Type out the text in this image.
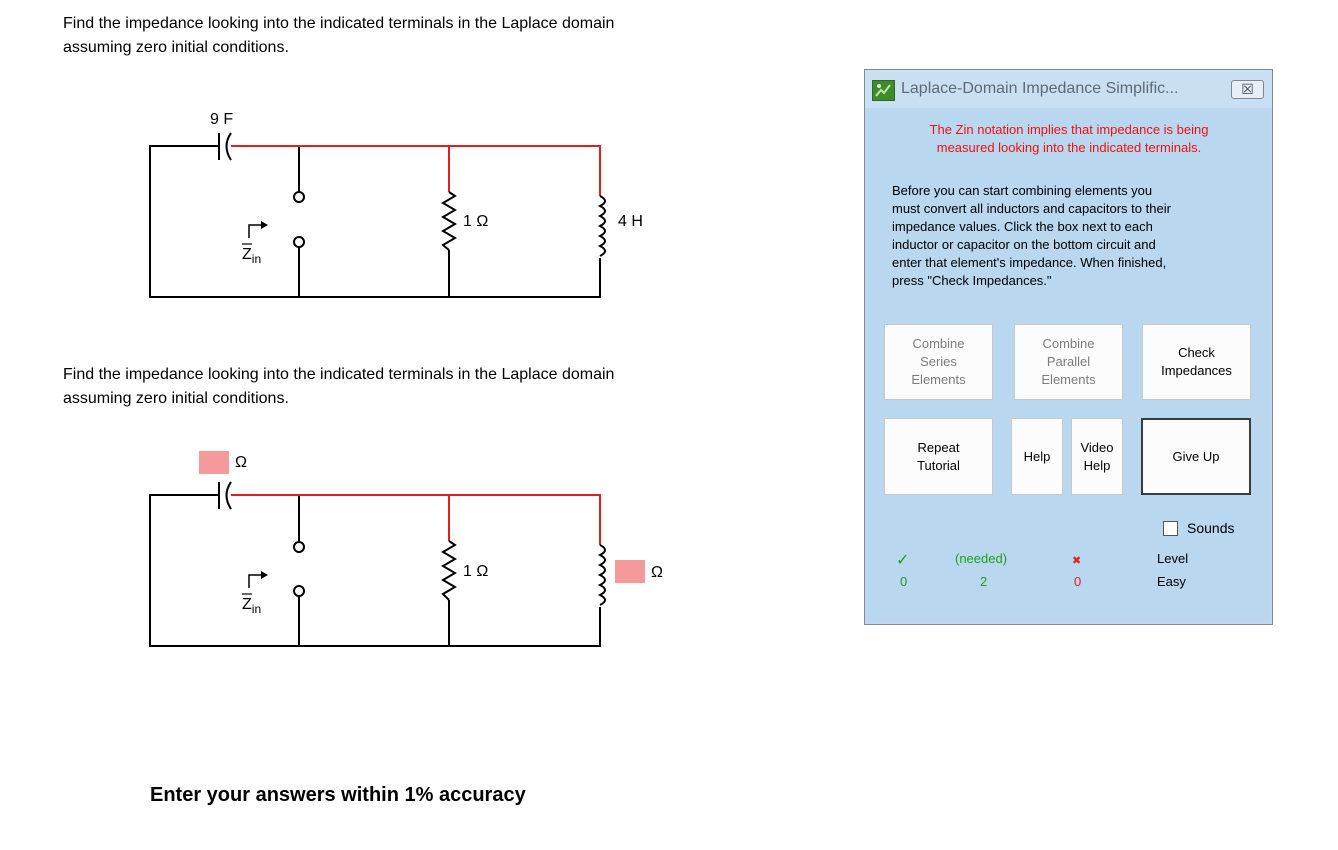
Find the impedance looking into the indicated terminals in the Laplace domain
assuming zero initial conditions.
9 F
$Z_{in}$
1 Ω	4 H
$Z_{in}$
1 Ω
Find the impedance looking into the indicated terminals in the Laplace domain
assuming zero initial conditions.
Ω
Ω
Enter your answers within 1% accuracy
Laplace-Domain Impedance Simplific...	☒
The Zin notation implies that impedance is being
measured looking into the indicated terminals.
Before you can start combining elements you
must convert all inductors and capacitors to their
impedance values. Click the box next to each
inductor or capacitor on the bottom circuit and
enter that element's impedance. When finished,
press "Check Impedances."
Combine
Series
Elements
Combine
Parallel
Elements
Check
Impedances
Repeat
Tutorial
Help
Video
Help
Give Up
Sounds
✓
0
(needed)
2
✖
0
Level
Easy
